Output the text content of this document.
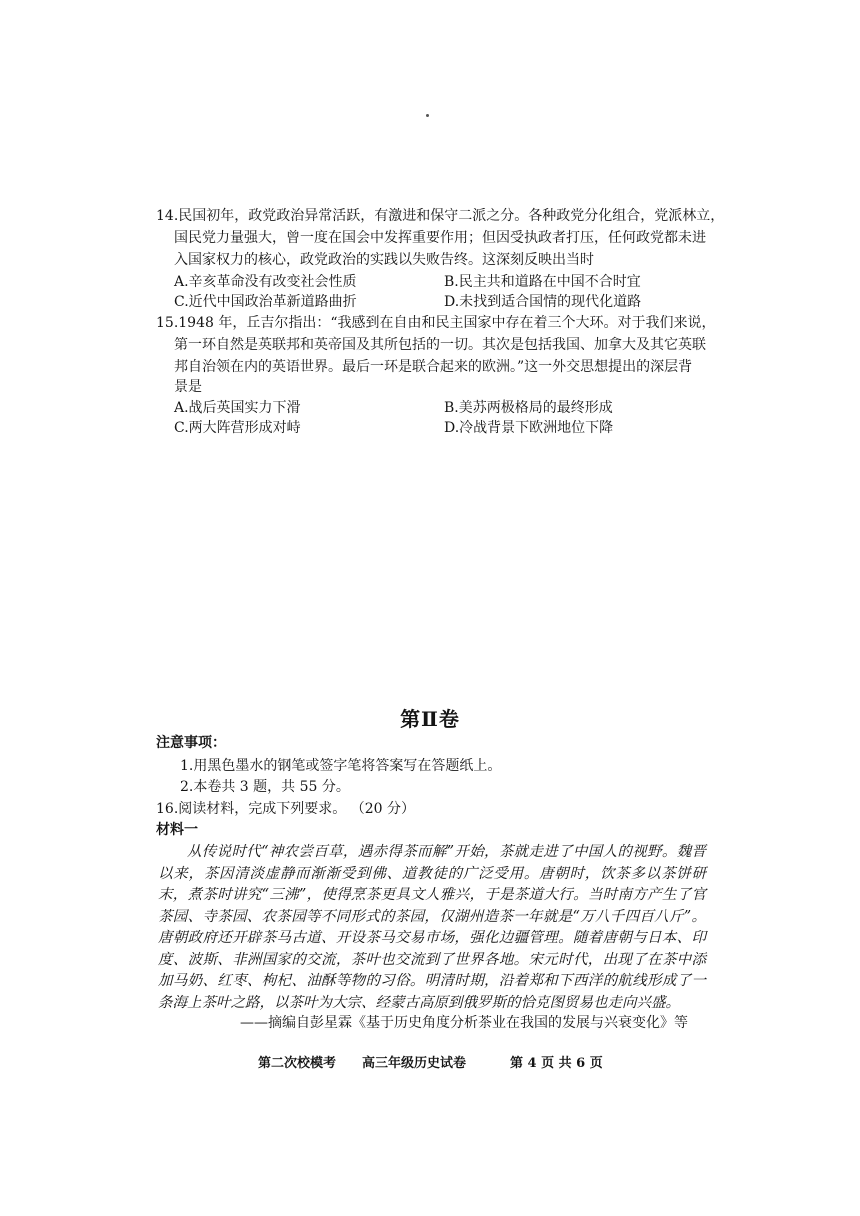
14.民国初年，政党政治异常活跃，有激进和保守二派之分。各种政党分化组合，党派林立，
国民党力量强大，曾一度在国会中发挥重要作用；但因受执政者打压，任何政党都未进
入国家权力的核心，政党政治的实践以失败告终。这深刻反映出当时
A.辛亥革命没有改变社会性质	B.民主共和道路在中国不合时宜
C.近代中国政治革新道路曲折	D.未找到适合国情的现代化道路
15.1948 年，丘吉尔指出：“我感到在自由和民主国家中存在着三个大环。对于我们来说，
第一环自然是英联邦和英帝国及其所包括的一切。其次是包括我国、加拿大及其它英联
邦自治领在内的英语世界。最后一环是联合起来的欧洲。”这一外交思想提出的深层背
景是
A.战后英国实力下滑	B.美苏两极格局的最终形成
C.两大阵营形成对峙	D.冷战背景下欧洲地位下降
第Ⅱ卷
注意事项：
1.用黑色墨水的钢笔或签字笔将答案写在答题纸上。
2.本卷共 3 题，共 55 分。
16.阅读材料，完成下列要求。 （20 分）
材料一
从传说时代“神农尝百草，遇赤得茶而解”开始，茶就走进了中国人的视野。魏晋以来，茶因清淡虚静而渐渐受到佛、道教徒的广泛受用。唐朝时，饮茶多以茶饼研末，煮茶时讲究“三沸”，使得烹茶更具文人雅兴，于是茶道大行。当时南方产生了官茶园、寺茶园、农茶园等不同形式的茶园，仅湖州造茶一年就是“万八千四百八斤”。唐朝政府还开辟茶马古道、开设茶马交易市场，强化边疆管理。随着唐朝与日本、印度、波斯、非洲国家的交流，茶叶也交流到了世界各地。宋元时代，出现了在茶中添加马奶、红枣、枸杞、油酥等物的习俗。明清时期，沿着郑和下西洋的航线形成了一条海上茶叶之路，以茶叶为大宗、经蒙古高原到俄罗斯的恰克图贸易也走向兴盛。
——摘编自彭星霖《基于历史角度分析茶业在我国的发展与兴衰变化》等
第二次校模考 高三年级历史试卷	第 4 页 共 6 页
